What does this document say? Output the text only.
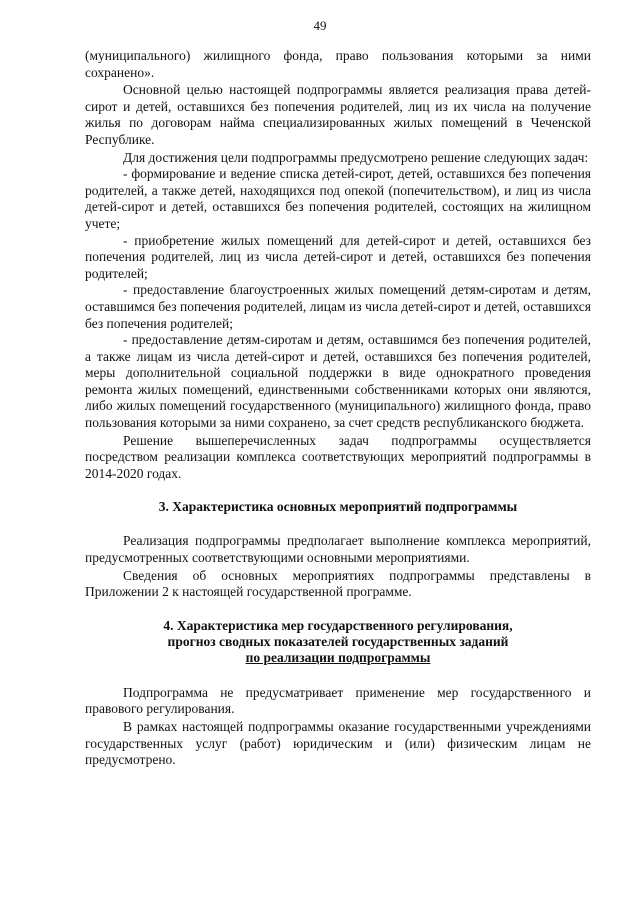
49

(муниципального) жилищного фонда, право пользования которыми за ними сохранено».

Основной целью настоящей подпрограммы является реализация права детей-сирот и детей, оставшихся без попечения родителей, лиц из их числа на получение жилья по договорам найма специализированных жилых помещений в Чеченской Республике.

Для достижения цели подпрограммы предусмотрено решение следующих задач:

- формирование и ведение списка детей-сирот, детей, оставшихся без попечения родителей, а также детей, находящихся под опекой (попечительством), и лиц из числа детей-сирот и детей, оставшихся без попечения родителей, состоящих на жилищном учете;

- приобретение жилых помещений для детей-сирот и детей, оставшихся без попечения родителей, лиц из числа детей-сирот и детей, оставшихся без попечения родителей;

- предоставление благоустроенных жилых помещений детям-сиротам и детям, оставшимся без попечения родителей, лицам из числа детей-сирот и детей, оставшихся без попечения родителей;

- предоставление детям-сиротам и детям, оставшимся без попечения родителей, а также лицам из числа детей-сирот и детей, оставшихся без попечения родителей, меры дополнительной социальной поддержки в виде однократного проведения ремонта жилых помещений, единственными собственниками которых они являются, либо жилых помещений государственного (муниципального) жилищного фонда, право пользования которыми за ними сохранено, за счет средств республиканского бюджета.

Решение вышеперечисленных задач подпрограммы осуществляется посредством реализации комплекса соответствующих мероприятий подпрограммы в 2014-2020 годах.

3. Характеристика основных мероприятий подпрограммы

Реализация подпрограммы предполагает выполнение комплекса мероприятий, предусмотренных соответствующими основными мероприятиями.

Сведения об основных мероприятиях подпрограммы представлены в Приложении 2 к настоящей государственной программе.

4. Характеристика мер государственного регулирования,
прогноз сводных показателей государственных заданий
по реализации подпрограммы

Подпрограмма не предусматривает применение мер государственного и правового регулирования.

В рамках настоящей подпрограммы оказание государственными учреждениями государственных услуг (работ) юридическим и (или) физическим лицам не предусмотрено.
